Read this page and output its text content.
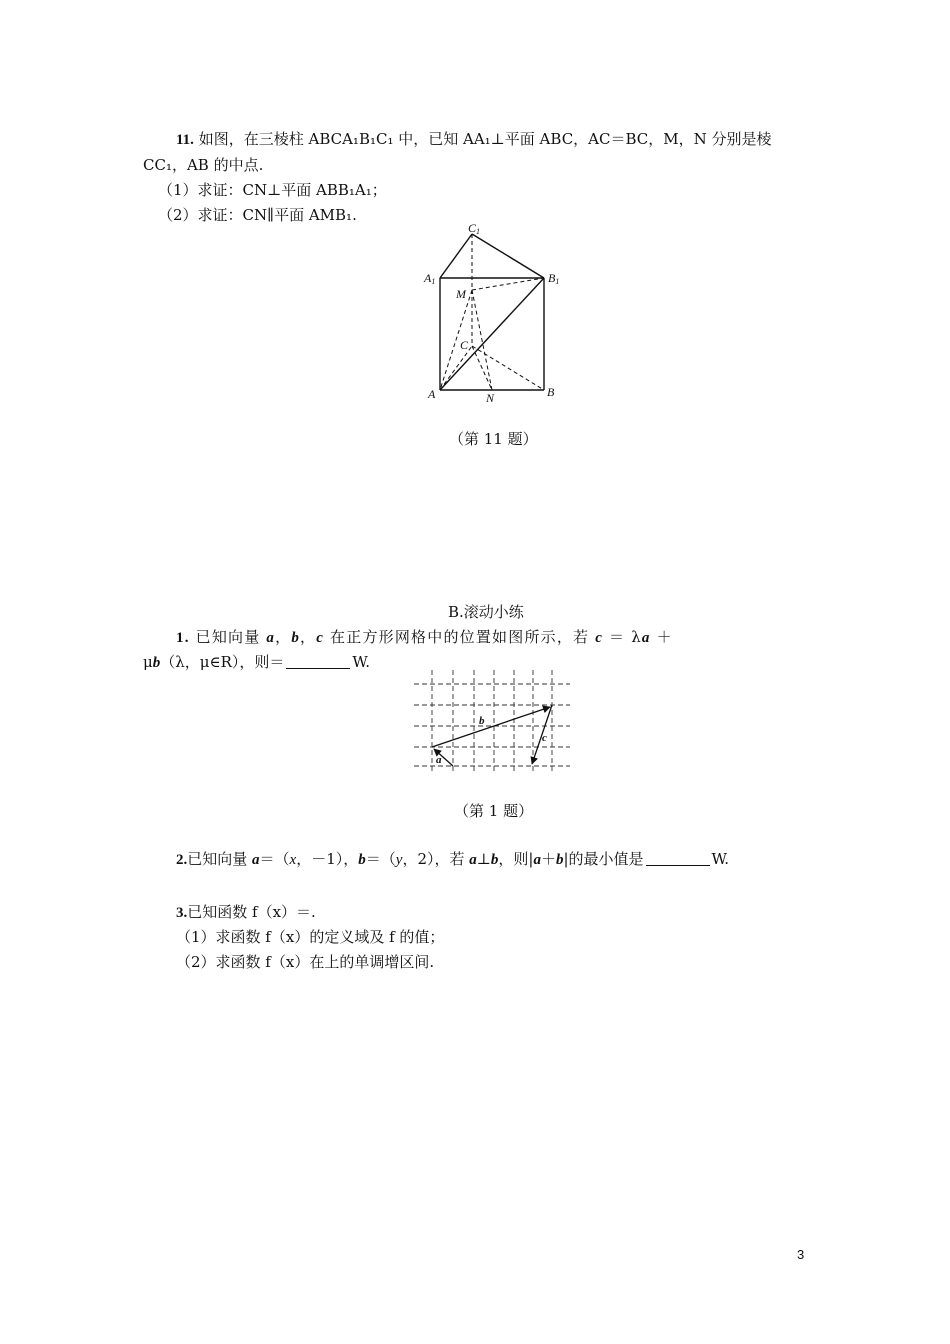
11. 如图，在三棱柱 ABCA₁B₁C₁ 中，已知 AA₁⊥平面 ABC，AC＝BC，M，N 分别是棱
CC₁，AB 的中点.
（1）求证：CN⊥平面 ABB₁A₁；
（2）求证：CN∥平面 AMB₁.
C1
A1	B1
M
C
A	N	B
（第 11 题）
B.滚动小练
1. 已知向量 a，b，c 在正方形网格中的位置如图所示，若 c ＝ λa ＋
μb（λ，μ∈R），则＝	W.
a
b
c
（第 1 题）
2.已知向量 a＝（x，－1），b＝（y，2），若 a⊥b，则|a＋b|的最小值是	W.
3.已知函数 f（x）＝.
（1）求函数 f（x）的定义域及 f 的值；
（2）求函数 f（x）在上的单调增区间.
3
